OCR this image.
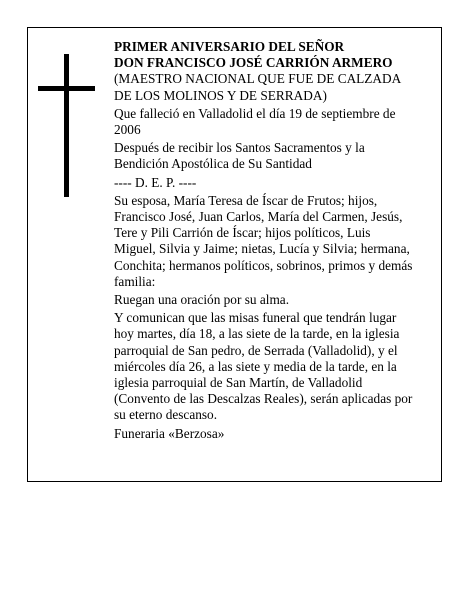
PRIMER ANIVERSARIO DEL SEÑOR

DON FRANCISCO JOSÉ CARRIÓN ARMERO

(MAESTRO NACIONAL QUE FUE DE CALZADA DE LOS MOLINOS Y DE SERRADA)

Que falleció en Valladolid el día 19 de septiembre de 2006

Después de recibir los Santos Sacramentos y la Bendición Apostólica de Su Santidad

---- D. E. P. ----

Su esposa, María Teresa de Íscar de Frutos; hijos, Francisco José, Juan Carlos, María del Carmen, Jesús, Tere y Pili Carrión de Íscar; hijos políticos, Luis Miguel, Silvia y Jaime; nietas, Lucía y Silvia; hermana, Conchita; hermanos políticos, sobrinos, primos y demás familia:

Ruegan una oración por su alma.

Y comunican que las misas funeral que tendrán lugar hoy martes, día 18, a las siete de la tarde, en la iglesia parroquial de San pedro, de Serrada (Valladolid), y el miércoles día 26, a las siete y media de la tarde, en la iglesia parroquial de San Martín, de Valladolid (Convento de las Descalzas Reales), serán aplicadas por su eterno descanso.

Funeraria «Berzosa»
